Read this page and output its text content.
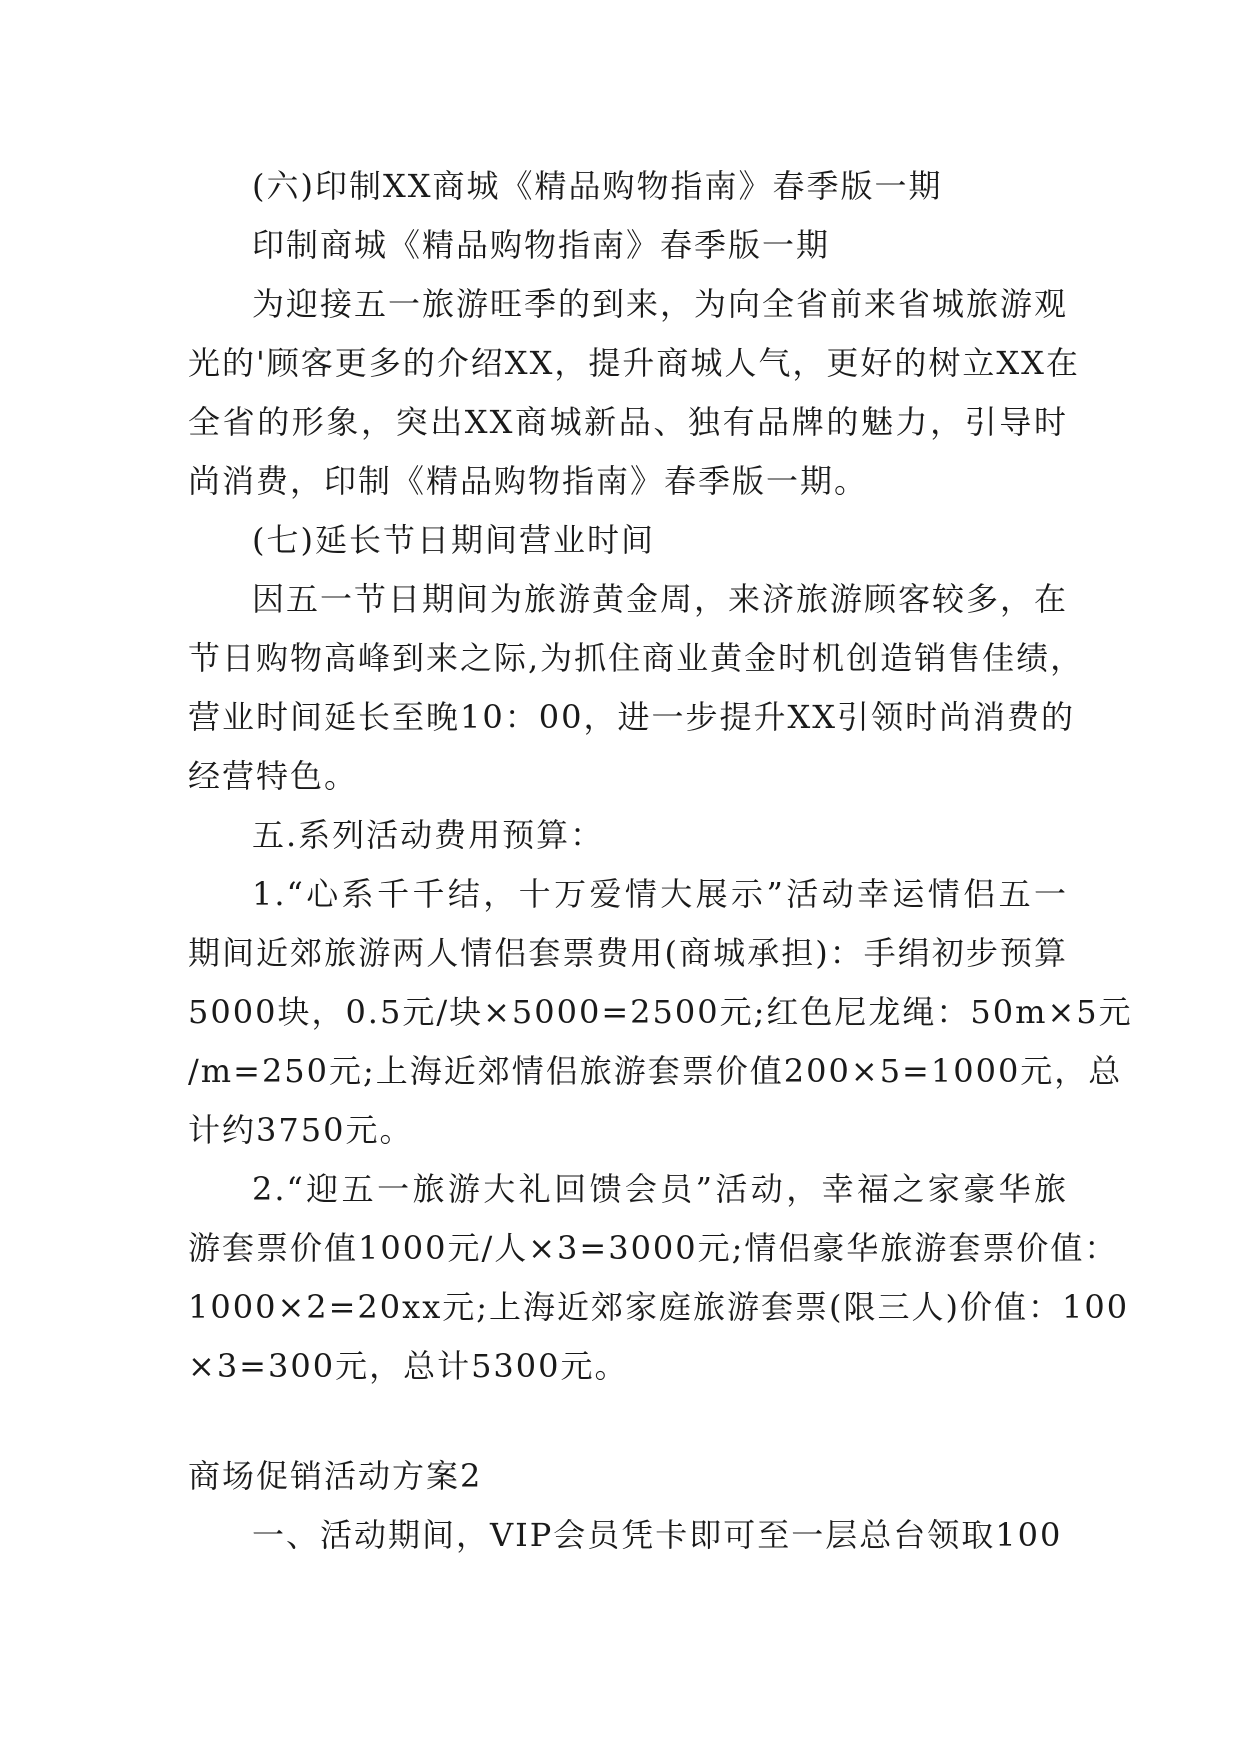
(六)印制XX商城《精品购物指南》春季版一期
印制商城《精品购物指南》春季版一期
为迎接五一旅游旺季的到来，为向全省前来省城旅游观
光的'顾客更多的介绍XX，提升商城人气，更好的树立XX在
全省的形象，突出XX商城新品、独有品牌的魅力，引导时
尚消费，印制《精品购物指南》春季版一期。
(七)延长节日期间营业时间
因五一节日期间为旅游黄金周，来济旅游顾客较多，在
节日购物高峰到来之际,为抓住商业黄金时机创造销售佳绩，
营业时间延长至晚10：00，进一步提升XX引领时尚消费的
经营特色。
五.系列活动费用预算：
1.“心系千千结，十万爱情大展示”活动幸运情侣五一
期间近郊旅游两人情侣套票费用(商城承担)：手绢初步预算
5000块，0.5元/块×5000=2500元;红色尼龙绳：50m×5元
/m=250元;上海近郊情侣旅游套票价值200×5=1000元，总
计约3750元。
2.“迎五一旅游大礼回馈会员”活动，幸福之家豪华旅
游套票价值1000元/人×3=3000元;情侣豪华旅游套票价值：
1000×2=20xx元;上海近郊家庭旅游套票(限三人)价值：100
×3=300元，总计5300元。
商场促销活动方案2
一、活动期间，VIP会员凭卡即可至一层总台领取100
